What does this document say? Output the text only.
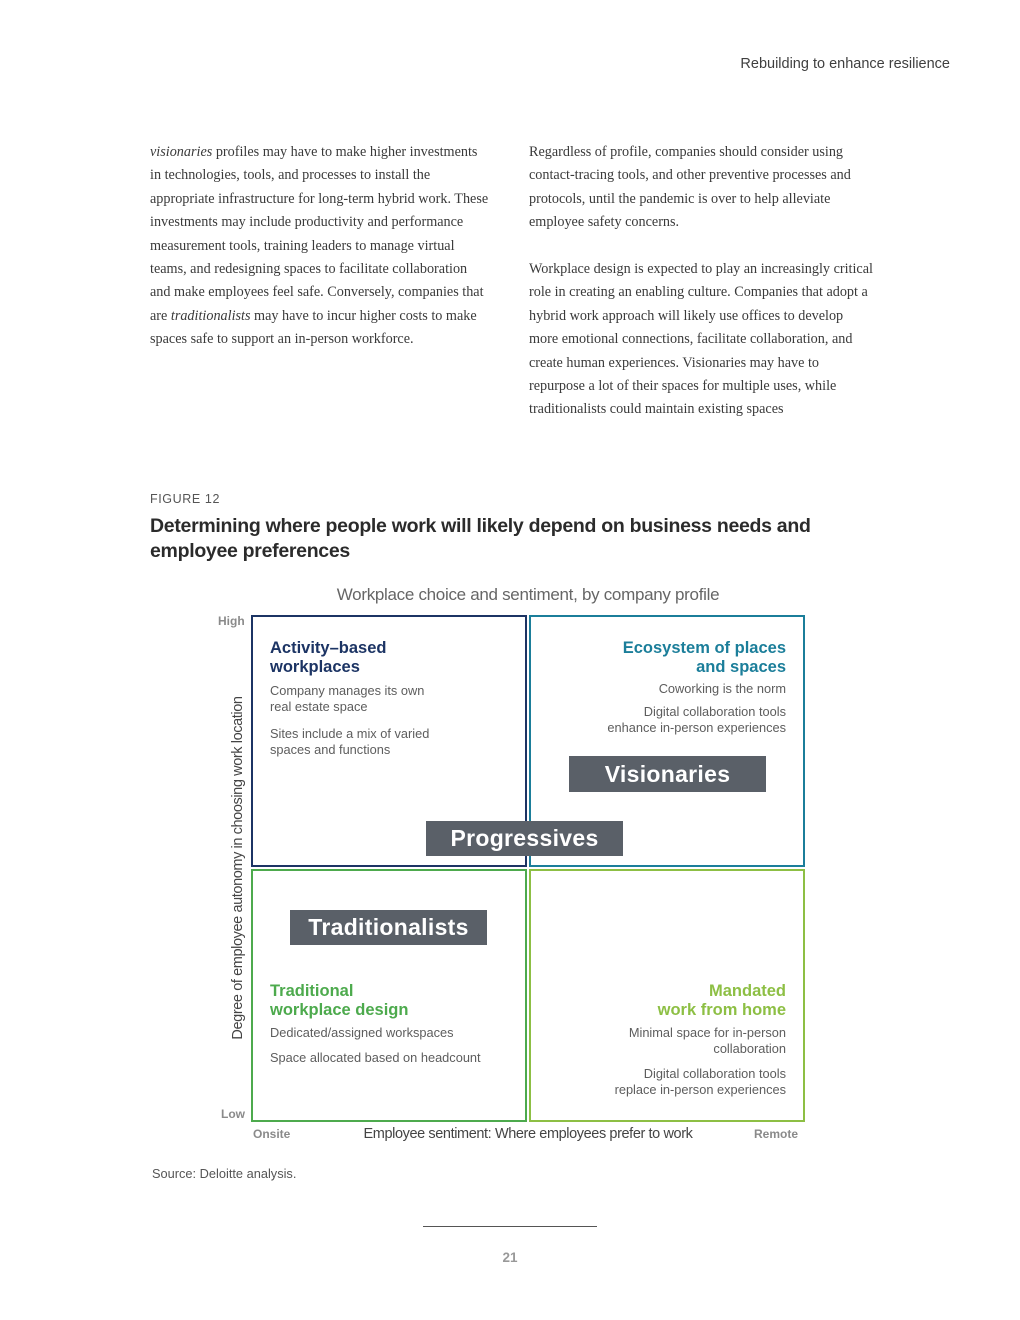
Rebuilding to enhance resilience

visionaries profiles may have to make higher investments in technologies, tools, and processes to install the appropriate infrastructure for long-term hybrid work. These investments may include productivity and performance measurement tools, training leaders to manage virtual teams, and redesigning spaces to facilitate collaboration and make employees feel safe. Conversely, companies that are traditionalists may have to incur higher costs to make spaces safe to support an in-person workforce.

Regardless of profile, companies should consider using contact-tracing tools, and other preventive processes and protocols, until the pandemic is over to help alleviate employee safety concerns.

Workplace design is expected to play an increasingly critical role in creating an enabling culture. Companies that adopt a hybrid work approach will likely use offices to develop more emotional connections, facilitate collaboration, and create human experiences. Visionaries may have to repurpose a lot of their spaces for multiple uses, while traditionalists could maintain existing spaces

FIGURE 12
Determining where people work will likely depend on business needs and employee preferences
Workplace choice and sentiment, by company profile
High
Low
Onsite	Remote
Degree of employee autonomy in choosing work location
Employee sentiment: Where employees prefer to work
Activity–based
workplaces
Company manages its own
real estate space
Sites include a mix of varied
spaces and functions
Ecosystem of places
and spaces
Coworking is the norm
Digital collaboration tools
enhance in-person experiences
Traditional
workplace design
Dedicated/assigned workspaces
Space allocated based on headcount
Mandated
work from home
Minimal space for in-person
collaboration
Digital collaboration tools
replace in-person experiences
Visionaries
Progressives
Traditionalists
Source: Deloitte analysis.
21
